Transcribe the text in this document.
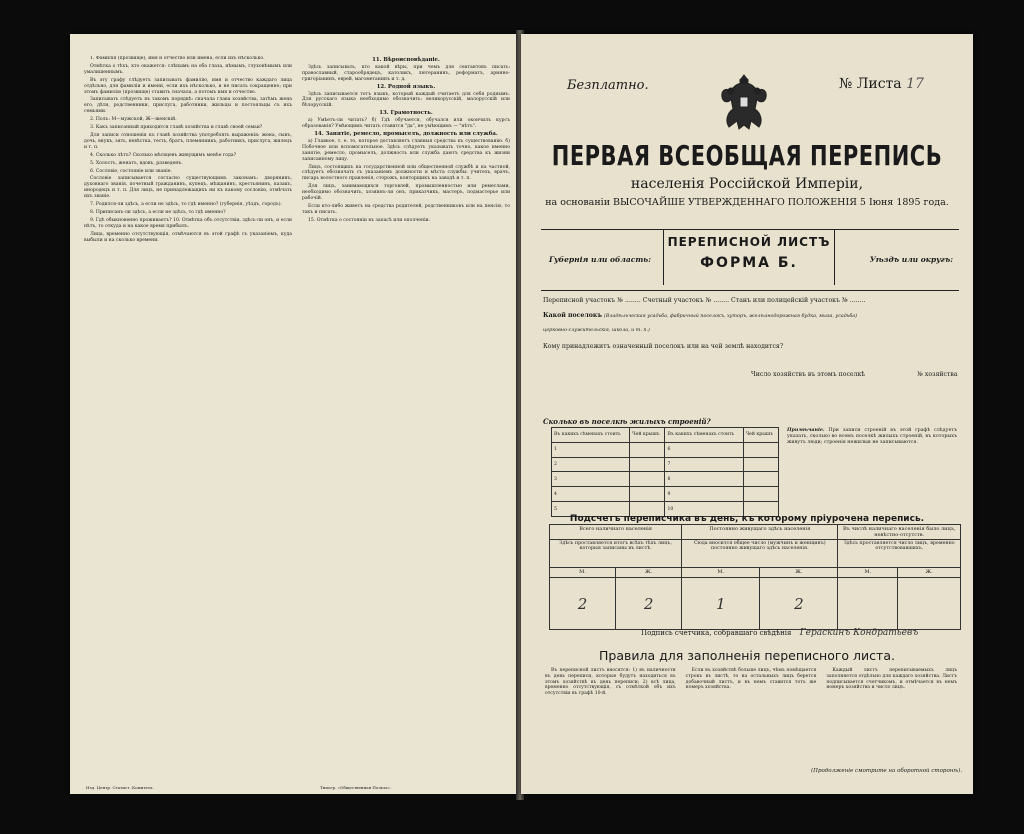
1. Фамилія (прозвище), имя и отчество или имена, если ихъ нѣсколько.

Отмѣтка о тѣхъ, кто окажется: слѣпымъ на оба глаза, нѣмымъ, глухонѣмымъ или умалишеннымъ.

Въ эту графу слѣдуетъ записывать фамилію, имя и отчество каждаго лица отдѣльно, для фамиліи и имени, если ихъ нѣсколько, и не писать сокращенно; при этомъ фамилію (прозвище) ставить сначала, а потомъ имя и отчество.

Записывать слѣдуетъ въ такомъ порядкѣ: сначала глава хозяйства, затѣмъ жена его, дѣти, родственники, прислуга, работники, жильцы и постояльцы съ ихъ семьями.

2. Полъ: М—мужской, Ж—женскій.

3. Какъ записанный приходится главѣ хозяйства и главѣ своей семьи?

Для записи отношенія къ главѣ хозяйства употреблять выраженія: жена, сынъ, дочь, внукъ, зять, невѣстка, тесть, братъ, племянникъ, работникъ, прислуга, жилецъ и т. п.

4. Сколько лѣтъ? Сколько мѣсяцевъ живущимъ менѣе года?

5. Холостъ, женатъ, вдовъ, разведенъ.

6. Сословіе, состояніе или званіе.

Сословіе записывается согласно существующимъ законамъ: дворянинъ, духовнаго званія, почетный гражданинъ, купецъ, мѣщанинъ, крестьянинъ, казакъ, инородецъ и т. п. Для лицъ, не принадлежащихъ ни къ какому сословію, отмѣчать ихъ званіе.

7. Родился-ли здѣсь, а если не здѣсь, то гдѣ именно? (губернія, уѣздъ, городъ).

8. Приписанъ-ли здѣсь, а если не здѣсь, то гдѣ именно?

9. Гдѣ обыкновенно проживаетъ? 10. Отмѣтка объ отсутствіи, здѣсь-ли онъ, и если нѣтъ, то откуда и на какое время прибылъ.

Лица, временно отсутствующія, отмѣчаются въ этой графѣ съ указаніемъ, куда выбыли и на сколько времени.

11. Вѣроисповѣданіе.

Здѣсь записывать, кто какой вѣры, при чемъ для сектантовъ писать: православный, старообрядецъ, католикъ, лютеранинъ, реформатъ, армяно-григоріанинъ, еврей, магометанинъ и т. д.

12. Родной языкъ.

Здѣсь записывается тотъ языкъ, который каждый считаетъ для себя роднымъ. Для русскаго языка необходимо обозначить: великорусскій, малорусскій или бѣлорусскій.

13. Грамотность.

а) Умѣетъ-ли читать? б) Гдѣ обучается, обучался или окончилъ курсъ образованія? Умѣющимъ читать ставится "да", не умѣющимъ — "нѣтъ".

14. Занятіе, ремесло, промыселъ, должность или служба.

а) Главное, т. е. то, которое доставляетъ главныя средства къ существованію. б) Побочное или вспомогательное. Здѣсь слѣдуетъ указывать точно, какое именно занятіе, ремесло, промыселъ, должность или служба даютъ средства къ жизни записанному лицу.

Лицъ, состоящихъ на государственной или общественной службѣ и на частной, слѣдуетъ обозначать съ указаніемъ должности и мѣста службы: учитель, врачъ, писарь волостного правленія, сторожъ, конторщикъ на заводѣ и т. п.

Для лицъ, занимающихся торговлей, промышленностью или ремеслами, необходимо обозначить, хозяинъ-ли онъ, приказчикъ, мастеръ, подмастерье или рабочій.

Если кто-либо живетъ на средства родителей, родственниковъ или на пенсію, то такъ и писать.

15. Отмѣтка о состояніи въ запасѣ или ополченіи.

Изд. Центр. Статист. Комитета.	Типогр. «Общественная Польза».
Безплатно.	№ Листа 17
ПЕРВАЯ ВСЕОБЩАЯ ПЕРЕПИСЬ
населенія Россійской Имперіи,
на основаніи ВЫСОЧАЙШЕ УТВЕРЖДЕННАГО ПОЛОЖЕНІЯ 5 Іюня 1895 года.
Губернія или область:
ПЕРЕПИСНОЙ ЛИСТЪ
ФОРМА Б.	Уѣздъ или округъ:
Переписной участокъ № ........ Счетный участокъ № ........ Станъ или полицейскій участокъ № ........
Какой поселокъ (Владѣльческая усадьба, фабричный поселокъ, хуторъ, желѣзнодорожная будка, мыза, усадьба)
церковно-служительскія, школа, и т. п.)
Кому принадлежитъ означенный поселокъ или на чей землѣ находится?
Число хозяйствъ въ этомъ поселкѣ	№ хозяйства
Сколько въ поселкѣ жилыхъ строеній?
Въ какихъ сѣменахъ стоить	Чей крышъ	Въ какихъ сѣменахъ стоить	Чей крышъ
1		6	
2		7	
3		8	
4		9	
5		10	
Примѣчаніе. При записи строеній въ этой графѣ слѣдуетъ указать, сколько во всемъ поселкѣ жилыхъ строеній, въ которыхъ живутъ люди; строенія нежилыя не записываются.
Подсчетъ переписчика въ день, къ которому пріурочена перепись.
Всего наличнаго населенія		Постоянно живущаго здѣсь населенія		Въ числѣ наличнаго населенія было лицъ, невѣстно-отсутств.	
Здѣсь проставляется итогъ всѣхъ тѣхъ лицъ, которыя записаны въ листѣ.		Сюда вносится общее число (мужчинъ и женщинъ) постоянно живущаго здѣсь населенія.		Здѣсь проставляется число лицъ, временно отсутствовавшихъ.	
М.	Ж.	М.	Ж.	М.	Ж.
2	2	1	2		
Подпись счетчика, собравшаго свѣдѣнія Гераскинъ Кондратьевъ
Правила для заполненія переписного листа.

Въ переписной листъ вносятся: 1) въ наличности въ день переписи, которые будутъ находиться въ этомъ хозяйствѣ въ день переписи; 2) всѣ лица, временно отсутствующія, съ отмѣткой объ ихъ отсутствіи въ графѣ 10-й.

Если въ хозяйствѣ больше лицъ, чѣмъ помѣщается строкъ въ листѣ, то на остальныхъ лицъ берется добавочный листъ, и въ немъ ставится тотъ же номеръ хозяйства.

Каждый листъ переписываемыхъ лицъ заполняется отдѣльно для каждаго хозяйства. Листъ подписывается счетчикомъ, и отмѣчается въ немъ номеръ хозяйства и число лицъ.

(Продолженіе смотрите на оборотной сторонѣ).
